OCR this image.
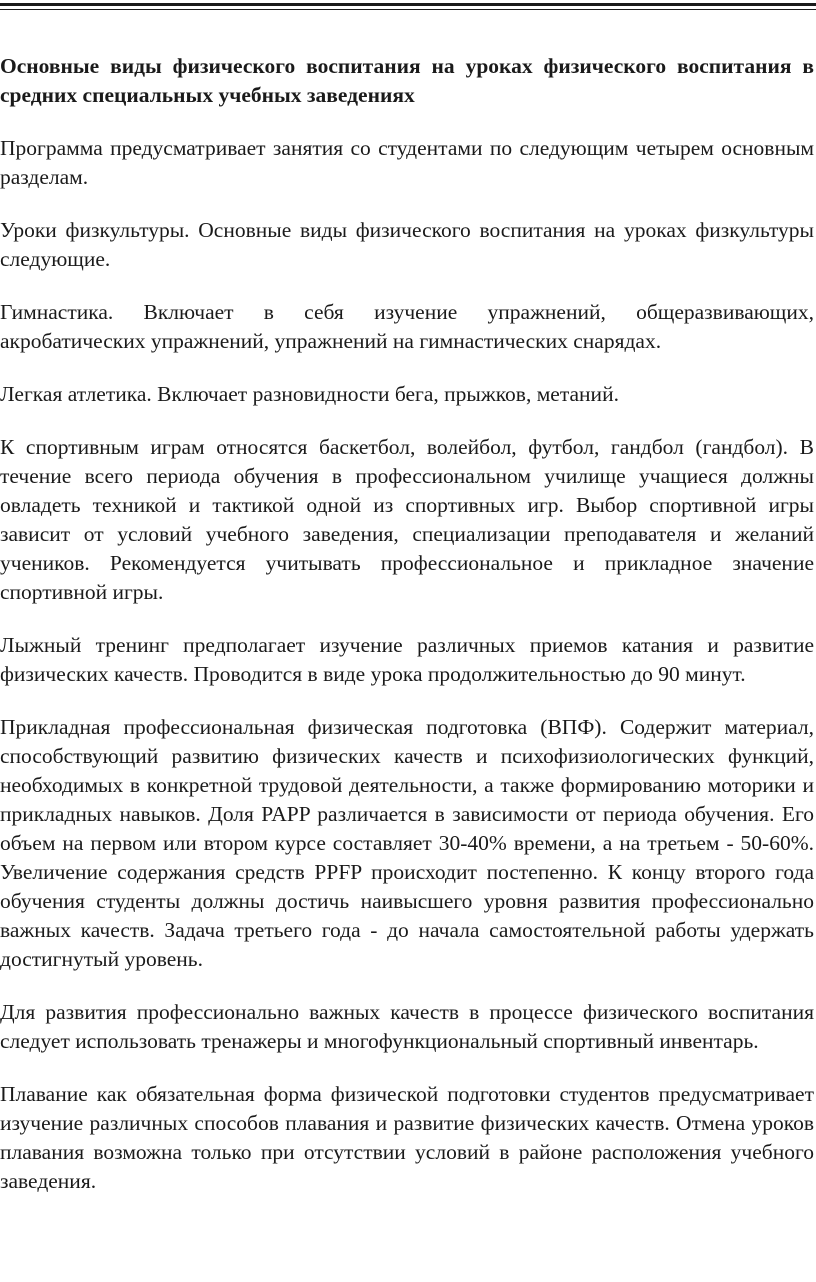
Основные виды физического воспитания на уроках физического воспитания в средних специальных учебных заведениях

Программа предусматривает занятия со студентами по следующим четырем основным разделам.

Уроки физкультуры. Основные виды физического воспитания на уроках физкультуры следующие.

Гимнастика. Включает в себя изучение упражнений, общеразвивающих, акробатических упражнений, упражнений на гимнастических снарядах.

Легкая атлетика. Включает разновидности бега, прыжков, метаний.

К спортивным играм относятся баскетбол, волейбол, футбол, гандбол (гандбол). В течение всего периода обучения в профессиональном училище учащиеся должны овладеть техникой и тактикой одной из спортивных игр. Выбор спортивной игры зависит от условий учебного заведения, специализации преподавателя и желаний учеников. Рекомендуется учитывать профессиональное и прикладное значение спортивной игры.

Лыжный тренинг предполагает изучение различных приемов катания и развитие физических качеств. Проводится в виде урока продолжительностью до 90 минут.

Прикладная профессиональная физическая подготовка (ВПФ). Содержит материал, способствующий развитию физических качеств и психофизиологических функций, необходимых в конкретной трудовой деятельности, а также формированию моторики и прикладных навыков. Доля PAPP различается в зависимости от периода обучения. Его объем на первом или втором курсе составляет 30-40% времени, а на третьем - 50-60%. Увеличение содержания средств PPFP происходит постепенно. К концу второго года обучения студенты должны достичь наивысшего уровня развития профессионально важных качеств. Задача третьего года - до начала самостоятельной работы удержать достигнутый уровень.

Для развития профессионально важных качеств в процессе физического воспитания следует использовать тренажеры и многофункциональный спортивный инвентарь.

Плавание как обязательная форма физической подготовки студентов предусматривает изучение различных способов плавания и развитие физических качеств. Отмена уроков плавания возможна только при отсутствии условий в районе расположения учебного заведения.
